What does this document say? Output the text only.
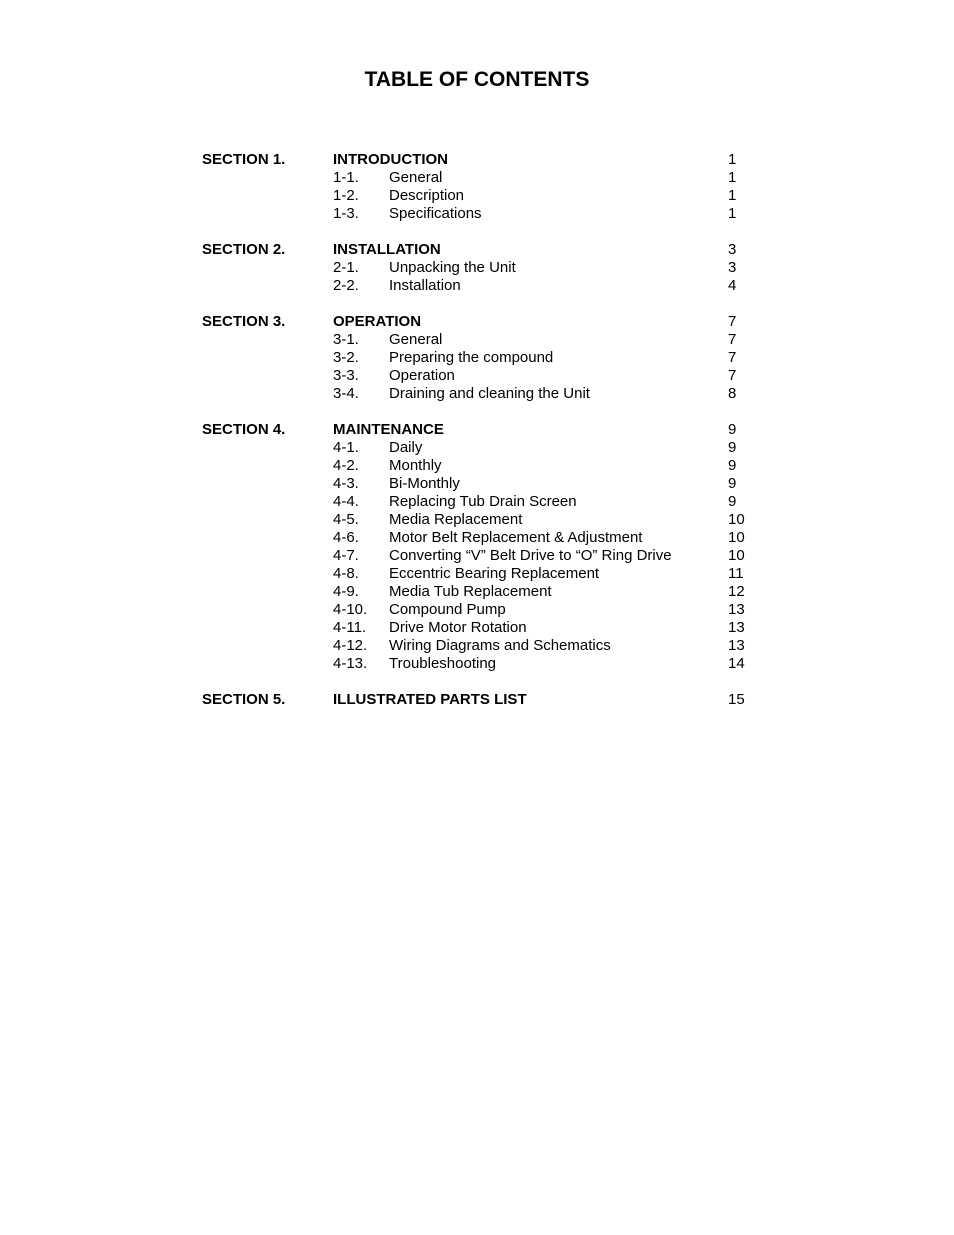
TABLE OF CONTENTS
SECTION 1.	INTRODUCTION	1
1-1. General	1
1-2. Description	1
1-3. Specifications	1
SECTION 2.	INSTALLATION	3
2-1. Unpacking the Unit	3
2-2. Installation	4
SECTION 3.	OPERATION	7
3-1. General	7
3-2. Preparing the compound	7
3-3. Operation	7
3-4. Draining and cleaning the Unit	8
SECTION 4.	MAINTENANCE	9
4-1. Daily	9
4-2. Monthly	9
4-3. Bi-Monthly	9
4-4. Replacing Tub Drain Screen	9
4-5. Media Replacement	10
4-6. Motor Belt Replacement & Adjustment	10
4-7. Converting “V” Belt Drive to “O” Ring Drive	10
4-8. Eccentric Bearing Replacement	11
4-9. Media Tub Replacement	12
4-10. Compound Pump	13
4-11. Drive Motor Rotation	13
4-12. Wiring Diagrams and Schematics	13
4-13. Troubleshooting	14
SECTION 5.	ILLUSTRATED PARTS LIST	15
